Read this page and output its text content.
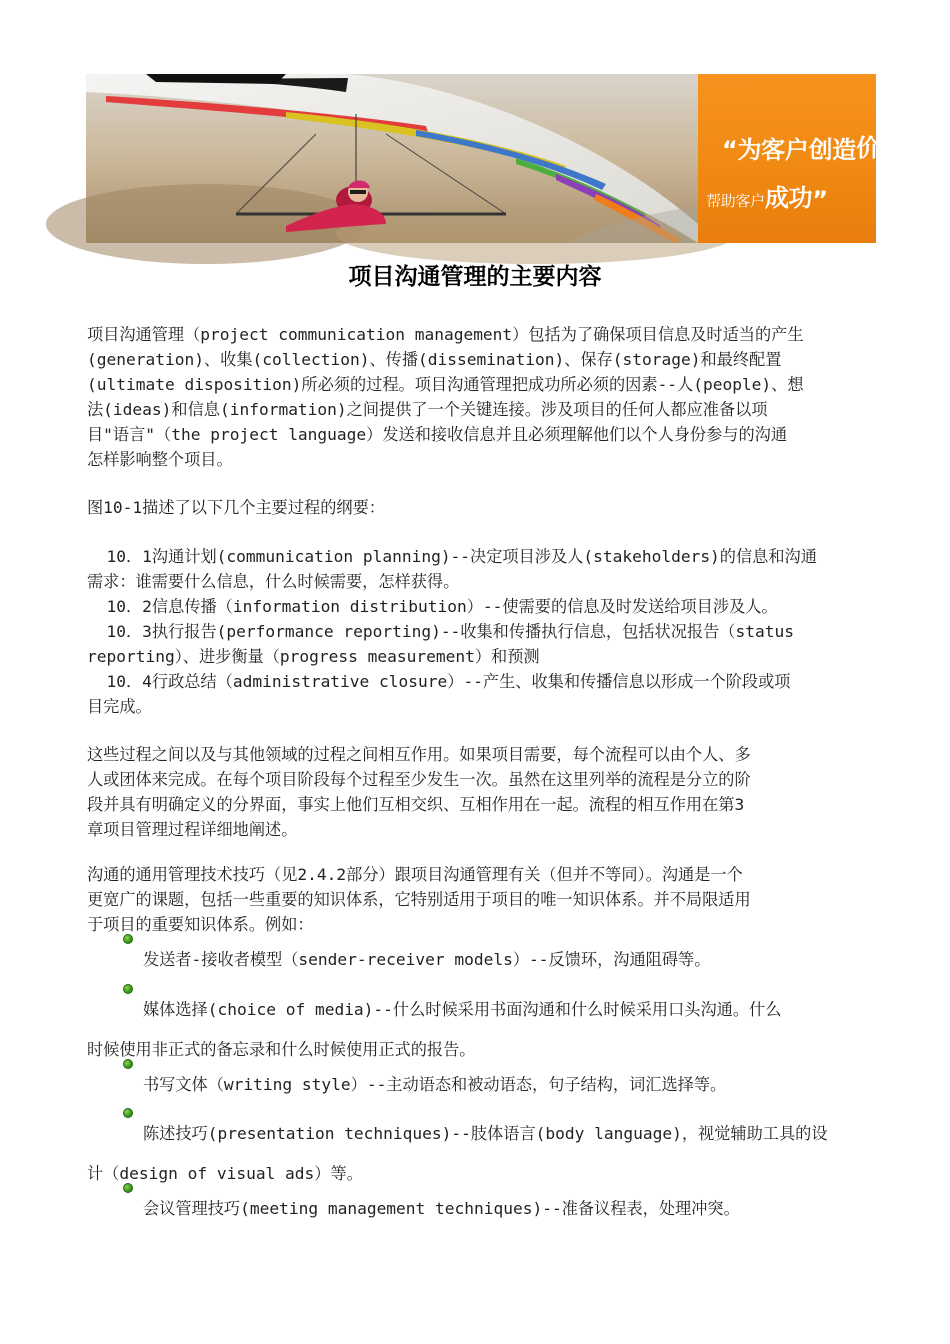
“为客户创造价值，
帮助客户成功”
项目沟通管理的主要内容
项目沟通管理（project communication management）包括为了确保项目信息及时适当的产生
(generation)、收集(collection)、传播(dissemination)、保存(storage)和最终配置
(ultimate disposition)所必须的过程。项目沟通管理把成功所必须的因素--人(people)、想
法(ideas)和信息(information)之间提供了一个关键连接。涉及项目的任何人都应准备以项
目"语言"（the project language）发送和接收信息并且必须理解他们以个人身份参与的沟通
怎样影响整个项目。
图10-1描述了以下几个主要过程的纲要：
10．1沟通计划(communication planning)--决定项目涉及人(stakeholders)的信息和沟通
需求：谁需要什么信息，什么时候需要，怎样获得。
10．2信息传播（information distribution）--使需要的信息及时发送给项目涉及人。
10．3执行报告(performance reporting)--收集和传播执行信息，包括状况报告（status
reporting）、进步衡量（progress measurement）和预测
10．4行政总结（administrative closure）--产生、收集和传播信息以形成一个阶段或项
目完成。
这些过程之间以及与其他领域的过程之间相互作用。如果项目需要，每个流程可以由个人、多
人或团体来完成。在每个项目阶段每个过程至少发生一次。虽然在这里列举的流程是分立的阶
段并具有明确定义的分界面，事实上他们互相交织、互相作用在一起。流程的相互作用在第3
章项目管理过程详细地阐述。
沟通的通用管理技术技巧（见2.4.2部分）跟项目沟通管理有关（但并不等同）。沟通是一个
更宽广的课题，包括一些重要的知识体系，它特别适用于项目的唯一知识体系。并不局限适用
于项目的重要知识体系。例如：
发送者-接收者模型（sender-receiver models）--反馈环，沟通阻碍等。
媒体选择(choice of media)--什么时候采用书面沟通和什么时候采用口头沟通。什么
时候使用非正式的备忘录和什么时候使用正式的报告。
书写文体（writing style）--主动语态和被动语态，句子结构，词汇选择等。
陈述技巧(presentation techniques)--肢体语言(body language)，视觉辅助工具的设
计（design of visual ads）等。
会议管理技巧(meeting management techniques)--准备议程表，处理冲突。
